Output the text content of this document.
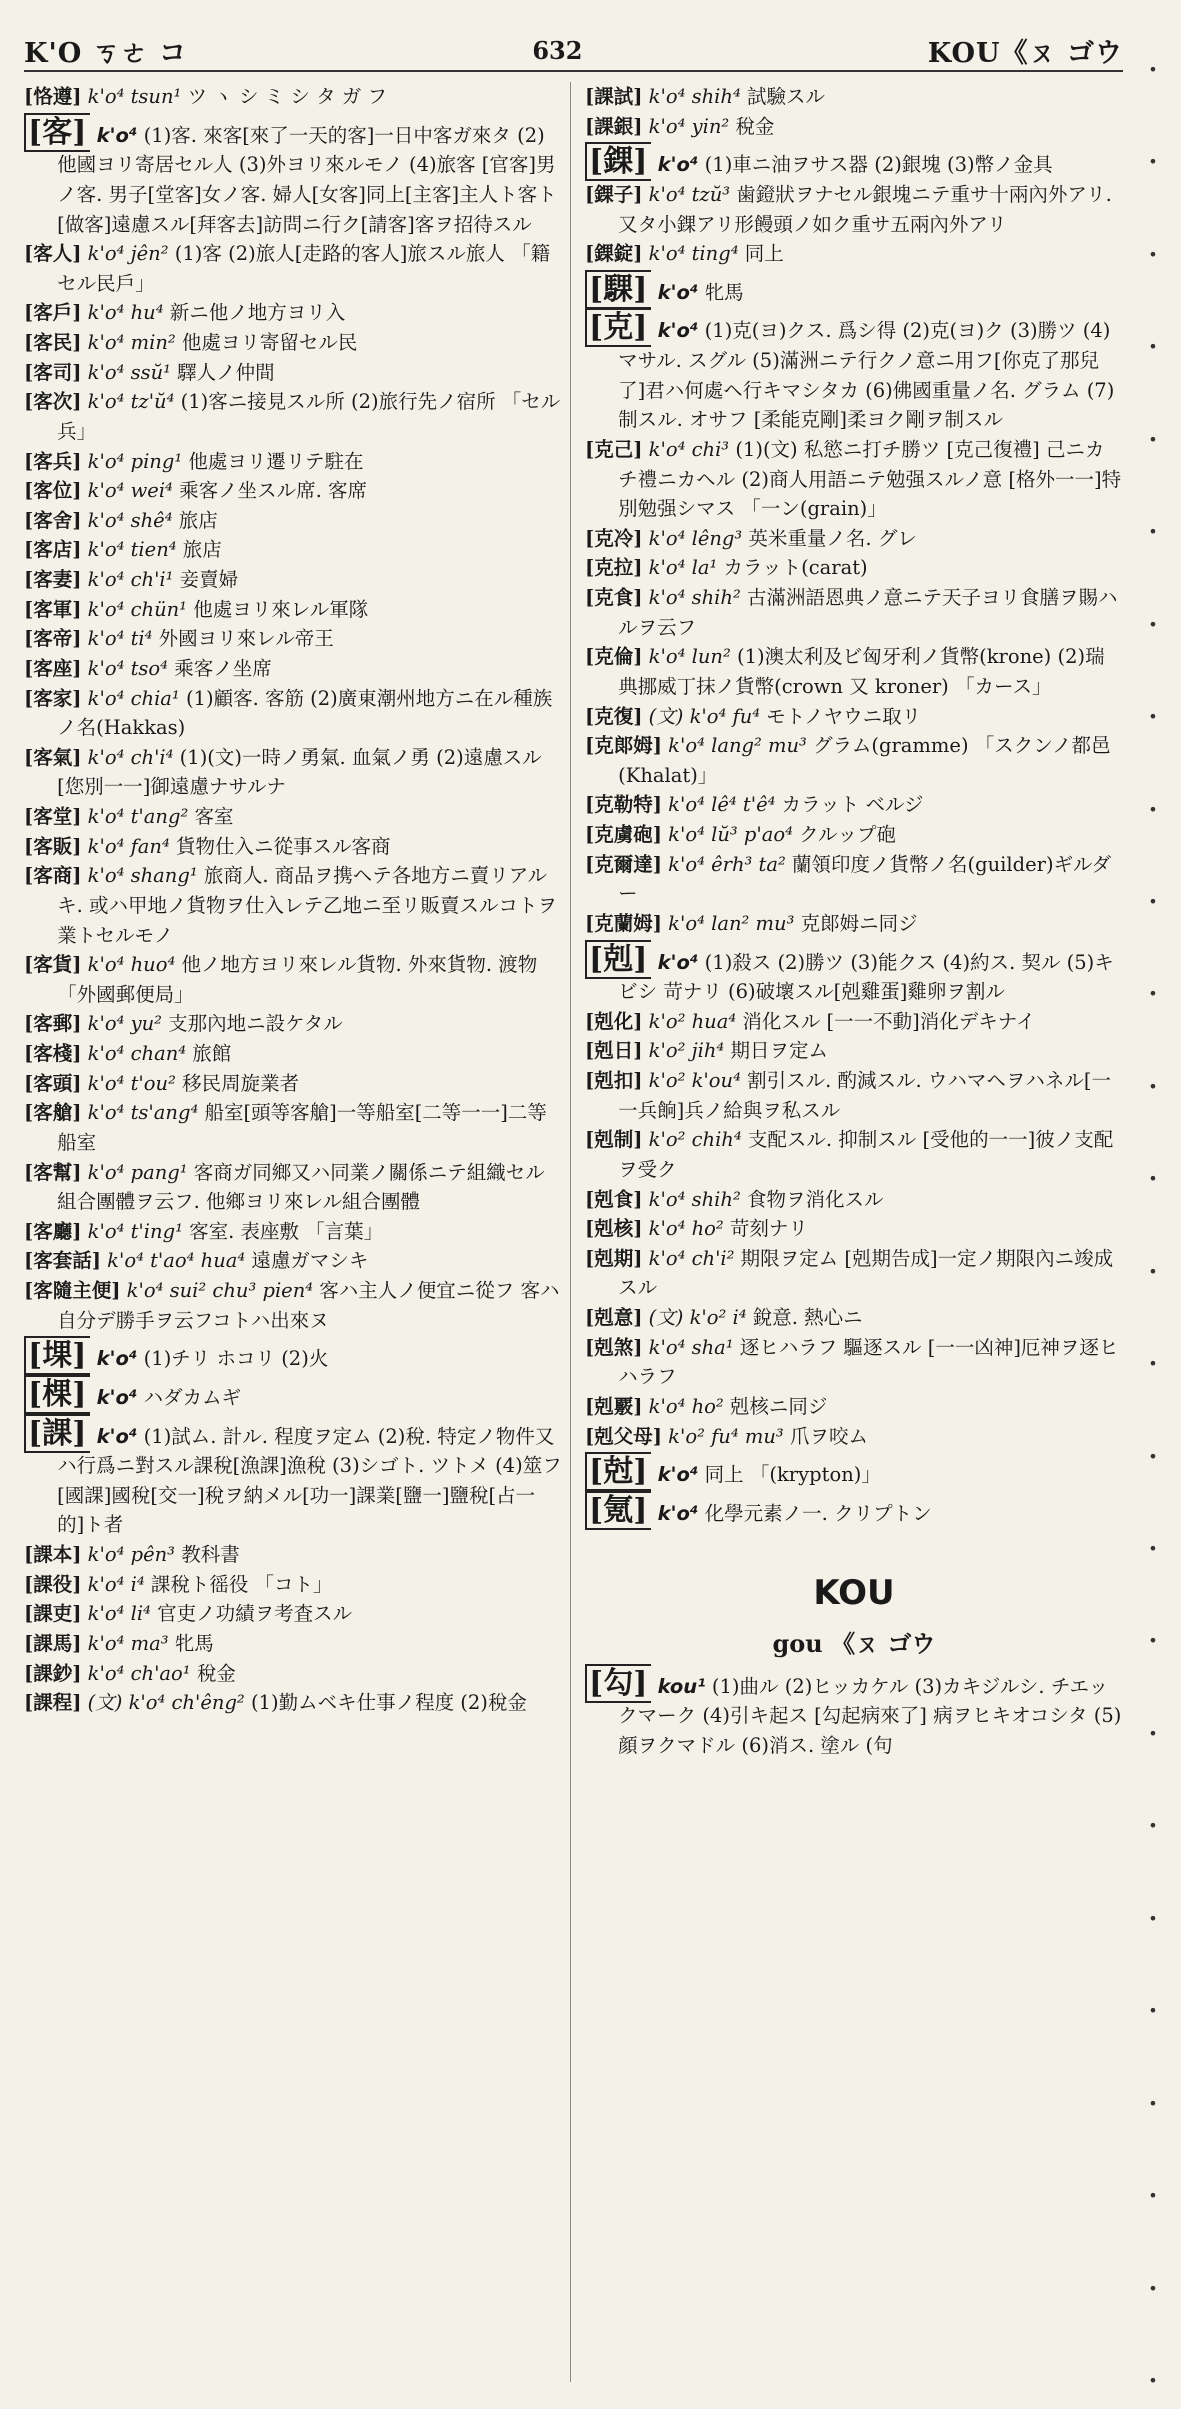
K'O ㄎㄜ コ	632	KOU《ㄡ ゴウ

[恪遵] k'o⁴ tsun¹ ツ ヽ シ ミ シ タ ガ フ

[客] k'o⁴ (1)客. 來客[來了一天的客]一日中客ガ來タ (2)他國ヨリ寄居セル人 (3)外ヨリ來ルモノ (4)旅客 [官客]男ノ客. 男子[堂客]女ノ客. 婦人[女客]同上[主客]主人ト客ト[做客]遠慮スル[拜客去]訪問ニ行ク[請客]客ヲ招待スル

[客人] k'o⁴ jên² (1)客 (2)旅人[走路的客人]旅スル旅人 「籍セル民戶」

[客戶] k'o⁴ hu⁴ 新ニ他ノ地方ヨリ入

[客民] k'o⁴ min² 他處ヨリ寄留セル民

[客司] k'o⁴ ssŭ¹ 驛人ノ仲間

[客次] k'o⁴ tz'ŭ⁴ (1)客ニ接見スル所 (2)旅行先ノ宿所 「セル兵」

[客兵] k'o⁴ ping¹ 他處ヨリ遷リテ駐在

[客位] k'o⁴ wei⁴ 乘客ノ坐スル席. 客席

[客舍] k'o⁴ shê⁴ 旅店

[客店] k'o⁴ tien⁴ 旅店

[客妻] k'o⁴ ch'i¹ 妾賣婦

[客軍] k'o⁴ chün¹ 他處ヨリ來レル軍隊

[客帝] k'o⁴ ti⁴ 外國ヨリ來レル帝王

[客座] k'o⁴ tso⁴ 乘客ノ坐席

[客家] k'o⁴ chia¹ (1)顧客. 客筋 (2)廣東潮州地方ニ在ル種族ノ名(Hakkas)

[客氣] k'o⁴ ch'i⁴ (1)(文)一時ノ勇氣. 血氣ノ勇 (2)遠慮スル[您別一一]御遠慮ナサルナ

[客堂] k'o⁴ t'ang² 客室

[客販] k'o⁴ fan⁴ 貨物仕入ニ從事スル客商

[客商] k'o⁴ shang¹ 旅商人. 商品ヲ携ヘテ各地方ニ賣リアルキ. 或ハ甲地ノ貨物ヲ仕入レテ乙地ニ至リ販賣スルコトヲ業トセルモノ

[客貨] k'o⁴ huo⁴ 他ノ地方ヨリ來レル貨物. 外來貨物. 渡物 「外國郵便局」

[客郵] k'o⁴ yu² 支那內地ニ設ケタル

[客棧] k'o⁴ chan⁴ 旅館

[客頭] k'o⁴ t'ou² 移民周旋業者

[客艙] k'o⁴ ts'ang⁴ 船室[頭等客艙]一等船室[二等一一]二等船室

[客幫] k'o⁴ pang¹ 客商ガ同鄉又ハ同業ノ關係ニテ組織セル組合團體ヲ云フ. 他鄉ヨリ來レル組合團體

[客廳] k'o⁴ t'ing¹ 客室. 表座敷 「言葉」

[客套話] k'o⁴ t'ao⁴ hua⁴ 遠慮ガマシキ

[客隨主便] k'o⁴ sui² chu³ pien⁴ 客ハ主人ノ便宜ニ從フ 客ハ自分デ勝手ヲ云フコトハ出來ヌ

[堁] k'o⁴ (1)チリ ホコリ (2)火

[棵] k'o⁴ ハダカムギ

[課] k'o⁴ (1)試ム. 計ル. 程度ヲ定ム (2)稅. 特定ノ物件又ハ行爲ニ對スル課稅[漁課]漁稅 (3)シゴト. ツトメ (4)筮フ [國課]國稅[交一]稅ヲ納メル[功一]課業[鹽一]鹽稅[占一的]ト者

[課本] k'o⁴ pên³ 教科書

[課役] k'o⁴ i⁴ 課稅ト徭役 「コト」

[課吏] k'o⁴ li⁴ 官吏ノ功績ヲ考査スル

[課馬] k'o⁴ ma³ 牝馬

[課鈔] k'o⁴ ch'ao¹ 稅金

[課程] (文) k'o⁴ ch'êng² (1)勤ムベキ仕事ノ程度 (2)稅金

[課試] k'o⁴ shih⁴ 試驗スル

[課銀] k'o⁴ yin² 稅金

[錁] k'o⁴ (1)車ニ油ヲサス器 (2)銀塊 (3)幣ノ金具

[錁子] k'o⁴ tzŭ³ 歯鐙狀ヲナセル銀塊ニテ重サ十兩內外アリ. 又タ小錁アリ形饅頭ノ如ク重サ五兩內外アリ

[錁錠] k'o⁴ ting⁴ 同上

[騍] k'o⁴ 牝馬

[克] k'o⁴ (1)克(ヨ)クス. 爲シ得 (2)克(ヨ)ク (3)勝ツ (4)マサル. スグル (5)滿洲ニテ行クノ意ニ用フ[你克了那兒了]君ハ何處ヘ行キマシタカ (6)佛國重量ノ名. グラム (7)制スル. オサフ [柔能克剛]柔ヨク剛ヲ制スル

[克己] k'o⁴ chi³ (1)(文) 私慾ニ打チ勝ツ [克己復禮] 己ニカチ禮ニカヘル (2)商人用語ニテ勉强スルノ意 [格外一一]特別勉强シマス 「一ン(grain)」

[克冷] k'o⁴ lêng³ 英米重量ノ名. グレ

[克拉] k'o⁴ la¹ カラット(carat)

[克食] k'o⁴ shih² 古滿洲語恩典ノ意ニテ天子ヨリ食膳ヲ賜ハルヲ云フ

[克倫] k'o⁴ lun² (1)澳太利及ビ匈牙利ノ貨幣(krone) (2)瑞典挪威丁抹ノ貨幣(crown 又 kroner) 「カース」

[克復] (文) k'o⁴ fu⁴ モトノヤウニ取リ

[克郞姆] k'o⁴ lang² mu³ グラム(gramme) 「スクンノ都邑(Khalat)」

[克勒特] k'o⁴ lê⁴ t'ê⁴ カラット ベルジ

[克虜砲] k'o⁴ lŭ³ p'ao⁴ クルップ砲

[克爾達] k'o⁴ êrh³ ta² 蘭領印度ノ貨幣ノ名(guilder)ギルダー

[克蘭姆] k'o⁴ lan² mu³ 克郞姆ニ同ジ

[剋] k'o⁴ (1)殺ス (2)勝ツ (3)能クス (4)約ス. 契ル (5)キビシ 苛ナリ (6)破壞スル[剋雞蛋]雞卵ヲ割ル

[剋化] k'o² hua⁴ 消化スル [一一不動]消化デキナイ

[剋日] k'o² jih⁴ 期日ヲ定ム

[剋扣] k'o² k'ou⁴ 割引スル. 酌減スル. ウハマヘヲハネル[一一兵餉]兵ノ給與ヲ私スル

[剋制] k'o² chih⁴ 支配スル. 抑制スル [受他的一一]彼ノ支配ヲ受ク

[剋食] k'o⁴ shih² 食物ヲ消化スル

[剋核] k'o⁴ ho² 苛刻ナリ

[剋期] k'o⁴ ch'i² 期限ヲ定ム [剋期告成]一定ノ期限內ニ竣成スル

[剋意] (文) k'o² i⁴ 銳意. 熱心ニ

[剋煞] k'o⁴ sha¹ 逐ヒハラフ 驅逐スル [一一凶神]厄神ヲ逐ヒハラフ

[剋覈] k'o⁴ ho² 剋核ニ同ジ

[剋父母] k'o² fu⁴ mu³ 爪ヲ咬ム

[尅] k'o⁴ 同上 「(krypton)」

[氪] k'o⁴ 化學元素ノ一. クリプトン

KOU
gou 《ㄡ ゴウ

[勾] kou¹ (1)曲ル (2)ヒッカケル (3)カキジルシ. チエックマーク (4)引キ起ス [勾起病來了] 病ヲヒキオコシタ (5)顔ヲクマドル (6)消ス. 塗ル (句

•
•
•
•
•
•
•
•
•
•
•
•
•
•
•
•
•
•
•
•
•
•
•
•
•
•
